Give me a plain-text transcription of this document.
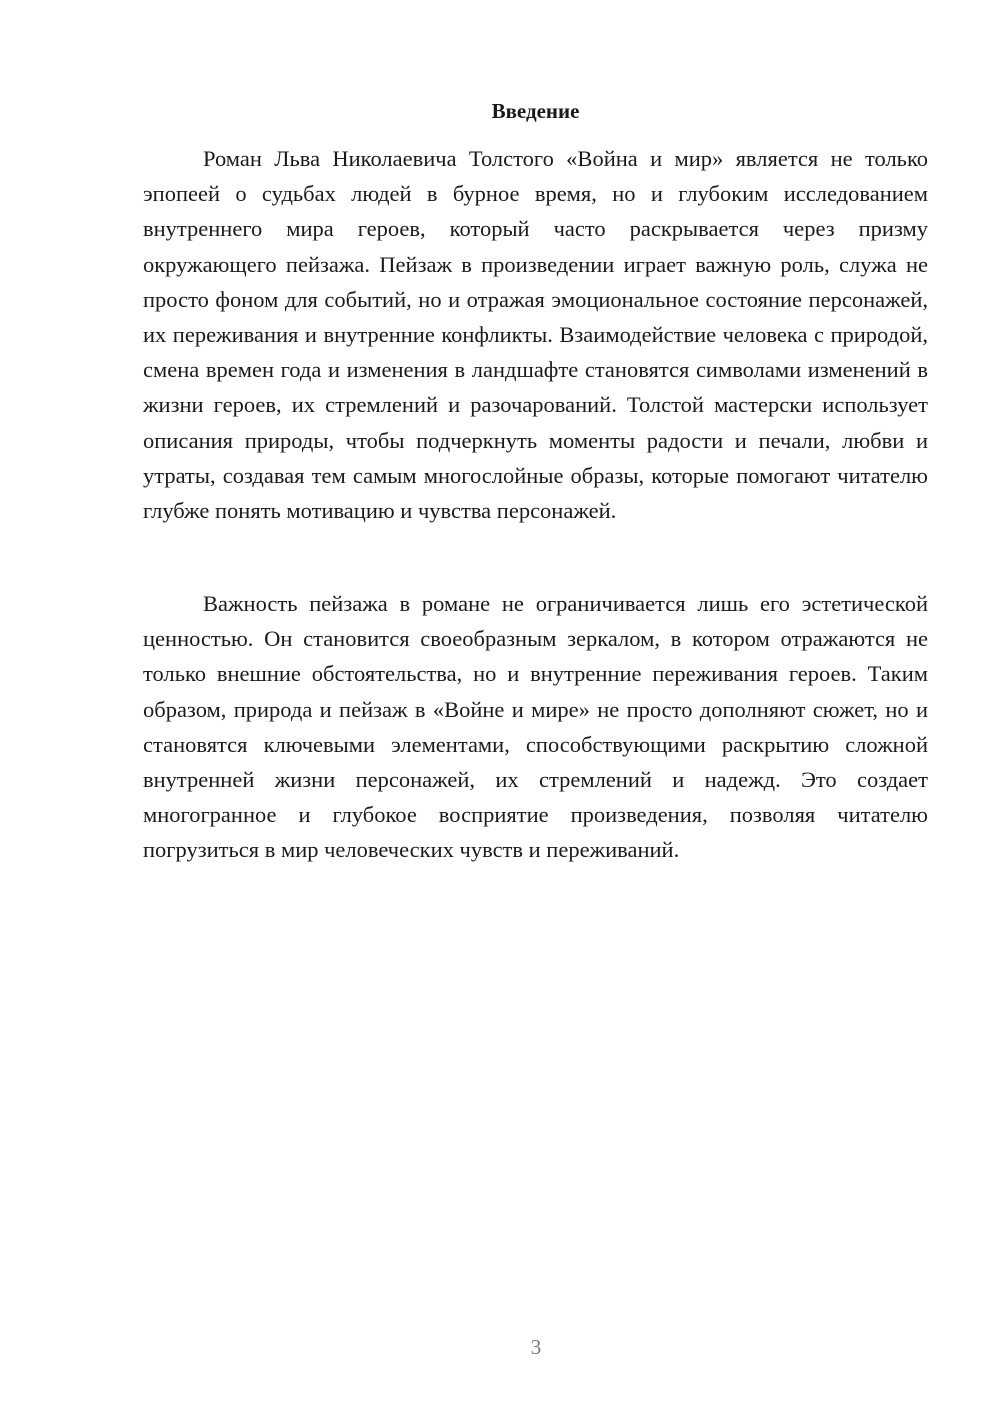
Введение

Роман Льва Николаевича Толстого «Война и мир» является не только эпопеей о судьбах людей в бурное время, но и глубоким исследованием внутреннего мира героев, который часто раскрывается через призму окружающего пейзажа. Пейзаж в произведении играет важную роль, служа не просто фоном для событий, но и отражая эмоциональное состояние персонажей, их переживания и внутренние конфликты. Взаимодействие человека с природой, смена времен года и изменения в ландшафте становятся символами изменений в жизни героев, их стремлений и разочарований. Толстой мастерски использует описания природы, чтобы подчеркнуть моменты радости и печали, любви и утраты, создавая тем самым многослойные образы, которые помогают читателю глубже понять мотивацию и чувства персонажей.

Важность пейзажа в романе не ограничивается лишь его эстетической ценностью. Он становится своеобразным зеркалом, в котором отражаются не только внешние обстоятельства, но и внутренние переживания героев. Таким образом, природа и пейзаж в «Войне и мире» не просто дополняют сюжет, но и становятся ключевыми элементами, способствующими раскрытию сложной внутренней жизни персонажей, их стремлений и надежд. Это создает многогранное и глубокое восприятие произведения, позволяя читателю погрузиться в мир человеческих чувств и переживаний.

3
